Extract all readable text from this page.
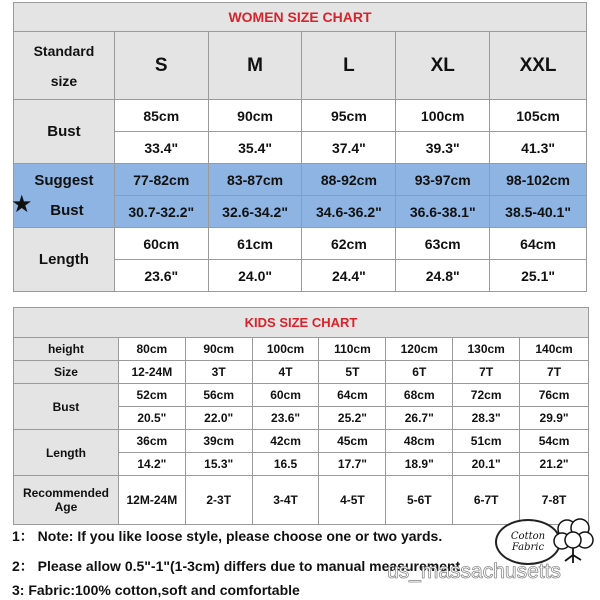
WOMEN SIZE CHART					

Standard
size	S	M	L	XL	XXL
Bust	85cm	90cm	95cm	100cm	105cm
	33.4"	35.4"	37.4"	39.3"	41.3"

Suggest
Bust	77-82cm	83-87cm	88-92cm	93-97cm	98-102cm
	30.7-32.2"	32.6-34.2"	34.6-36.2"	36.6-38.1"	38.5-40.1"
Length	60cm	61cm	62cm	63cm	64cm
	23.6"	24.0"	24.4"	24.8"	25.1"
★
KIDS SIZE CHART							
height	80cm	90cm	100cm	110cm	120cm	130cm	140cm
Size	12-24M	3T	4T	5T	6T	7T	7T
Bust	52cm	56cm	60cm	64cm	68cm	72cm	76cm
	20.5"	22.0"	23.6"	25.2"	26.7"	28.3"	29.9"
Length	36cm	39cm	42cm	45cm	48cm	51cm	54cm
	14.2"	15.3"	16.5	17.7"	18.9"	20.1"	21.2"

Recommended
Age	12M-24M	2-3T	3-4T	4-5T	5-6T	6-7T	7-8T
1： Note: If you like loose style, please choose one or two yards.
2： Please allow 0.5"-1"(1-3cm) differs due to manual measurement.
3: Fabric:100% cotton,soft and comfortable
Cotton
Fabric
us_massachusetts
